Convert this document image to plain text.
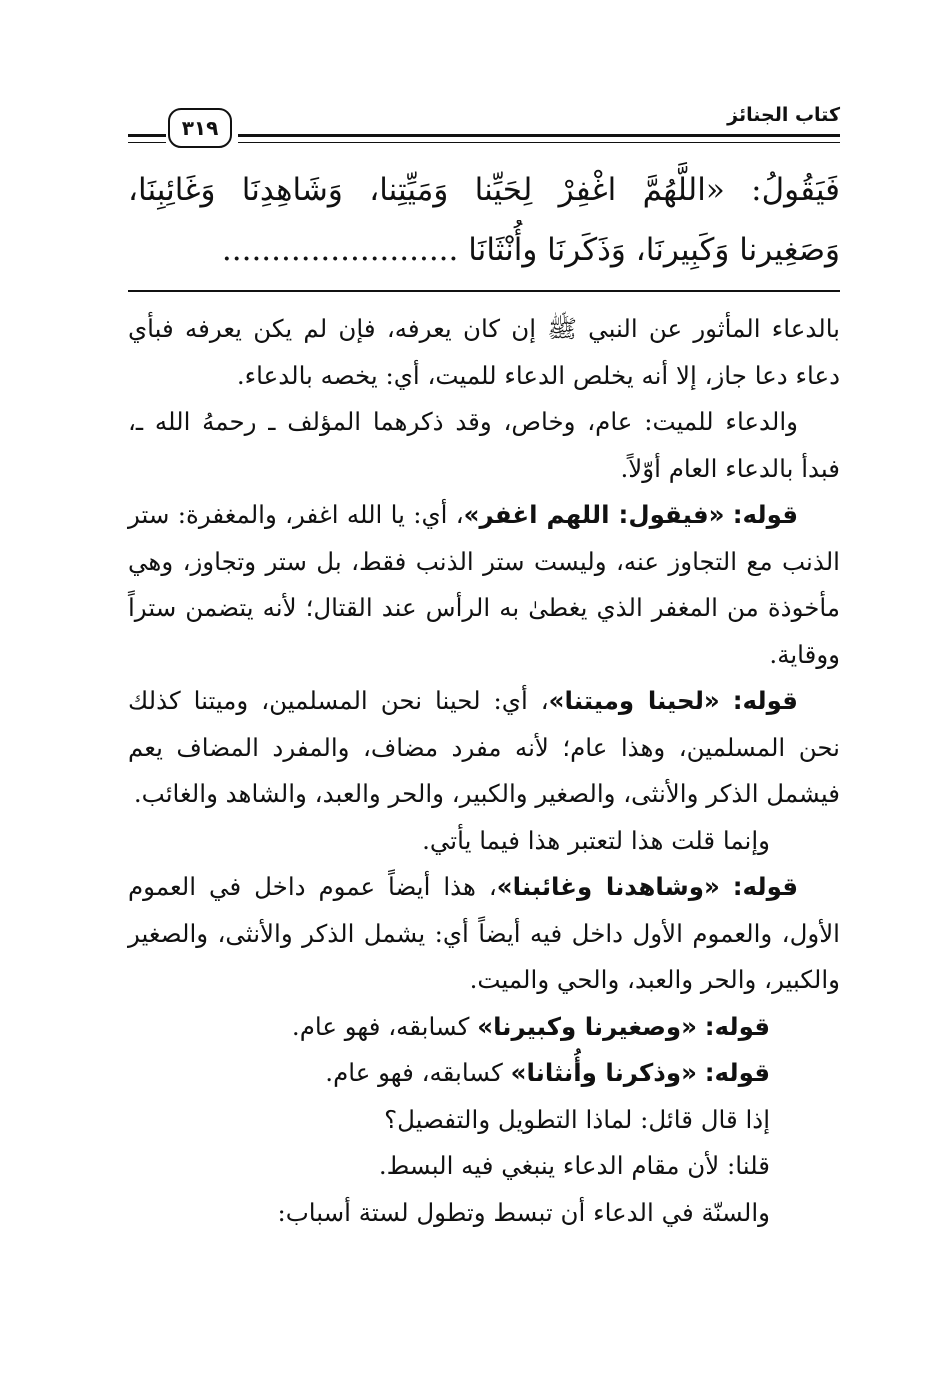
كتاب الجنائز
٣١٩
فَيَقُولُ: «اللَّهُمَّ اغْفِرْ لِحَيِّنا وَمَيِّتِنا، وَشَاهِدِنَا وَغَائِبِنَا،
وَصَغِيرنا وَكَبِيرنَا، وَذَكَرنَا وأُنْثَانَا ........................

بالدعاء المأثور عن النبي ﷺ إن كان يعرفه، فإن لم يكن يعرفه فبأي دعاء دعا جاز، إلا أنه يخلص الدعاء للميت، أي: يخصه بالدعاء.

والدعاء للميت: عام، وخاص، وقد ذكرهما المؤلف ـ رحمهُ الله ـ، فبدأ بالدعاء العام أوّلاً.

قوله: «فيقول: اللهم اغفر»، أي: يا الله اغفر، والمغفرة: ستر الذنب مع التجاوز عنه، وليست ستر الذنب فقط، بل ستر وتجاوز، وهي مأخوذة من المغفر الذي يغطىٰ به الرأس عند القتال؛ لأنه يتضمن ستراً ووقاية.

قوله: «لحينا وميتنا»، أي: لحينا نحن المسلمين، وميتنا كذلك نحن المسلمين، وهذا عام؛ لأنه مفرد مضاف، والمفرد المضاف يعم فيشمل الذكر والأنثى، والصغير والكبير، والحر والعبد، والشاهد والغائب.

وإنما قلت هذا لتعتبر هذا فيما يأتي.

قوله: «وشاهدنا وغائبنا»، هذا أيضاً عموم داخل في العموم الأول، والعموم الأول داخل فيه أيضاً أي: يشمل الذكر والأنثى، والصغير والكبير، والحر والعبد، والحي والميت.

قوله: «وصغيرنا وكبيرنا» كسابقه، فهو عام.

قوله: «وذكرنا وأُنثانا» كسابقه، فهو عام.

إذا قال قائل: لماذا التطويل والتفصيل؟

قلنا: لأن مقام الدعاء ينبغي فيه البسط.

والسنّة في الدعاء أن تبسط وتطول لستة أسباب:
